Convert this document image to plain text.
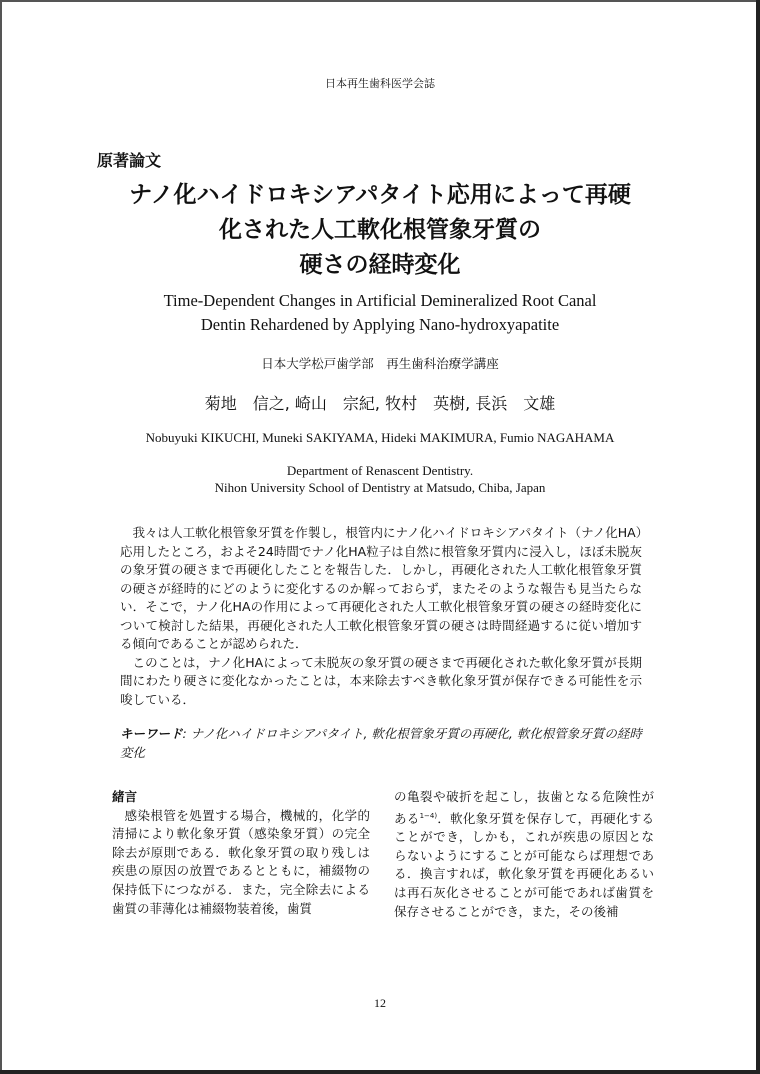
日本再生歯科医学会誌
原著論文
ナノ化ハイドロキシアパタイト応用によって再硬
化された人工軟化根管象牙質の
硬さの経時変化
Time-Dependent Changes in Artificial Demineralized Root Canal
Dentin Rehardened by Applying Nano-hydroxyapatite
日本大学松戸歯学部　再生歯科治療学講座
菊地　信之, 崎山　宗紀, 牧村　英樹, 長浜　文雄
Nobuyuki KIKUCHI, Muneki SAKIYAMA, Hideki MAKIMURA, Fumio NAGAHAMA
Department of Renascent Dentistry.
Nihon University School of Dentistry at Matsudo, Chiba, Japan

我々は人工軟化根管象牙質を作製し，根管内にナノ化ハイドロキシアパタイト（ナノ化HA）応用したところ，およそ24時間でナノ化HA粒子は自然に根管象牙質内に浸入し，ほぼ未脱灰の象牙質の硬さまで再硬化したことを報告した．しかし，再硬化された人工軟化根管象牙質の硬さが経時的にどのように変化するのか解っておらず，またそのような報告も見当たらない．そこで，ナノ化HAの作用によって再硬化された人工軟化根管象牙質の硬さの経時変化について検討した結果，再硬化された人工軟化根管象牙質の硬さは時間経過するに従い増加する傾向であることが認められた．

このことは，ナノ化HAによって未脱灰の象牙質の硬さまで再硬化された軟化象牙質が長期間にわたり硬さに変化なかったことは，本来除去すべき軟化象牙質が保存できる可能性を示唆している．

キーワード: ナノ化ハイドロキシアパタイト, 軟化根管象牙質の再硬化, 軟化根管象牙質の経時変化
緒言

感染根管を処置する場合，機械的，化学的清掃により軟化象牙質（感染象牙質）の完全除去が原則である．軟化象牙質の取り残しは疾患の原因の放置であるとともに，補綴物の保持低下につながる．また，完全除去による歯質の菲薄化は補綴物装着後，歯質

の亀裂や破折を起こし，抜歯となる危険性がある$^{1-4)}$．軟化象牙質を保存して，再硬化することができ，しかも，これが疾患の原因とならないようにすることが可能ならば理想である．換言すれば，軟化象牙質を再硬化あるいは再石灰化させることが可能であれば歯質を保存させることができ，また，その後補

12
